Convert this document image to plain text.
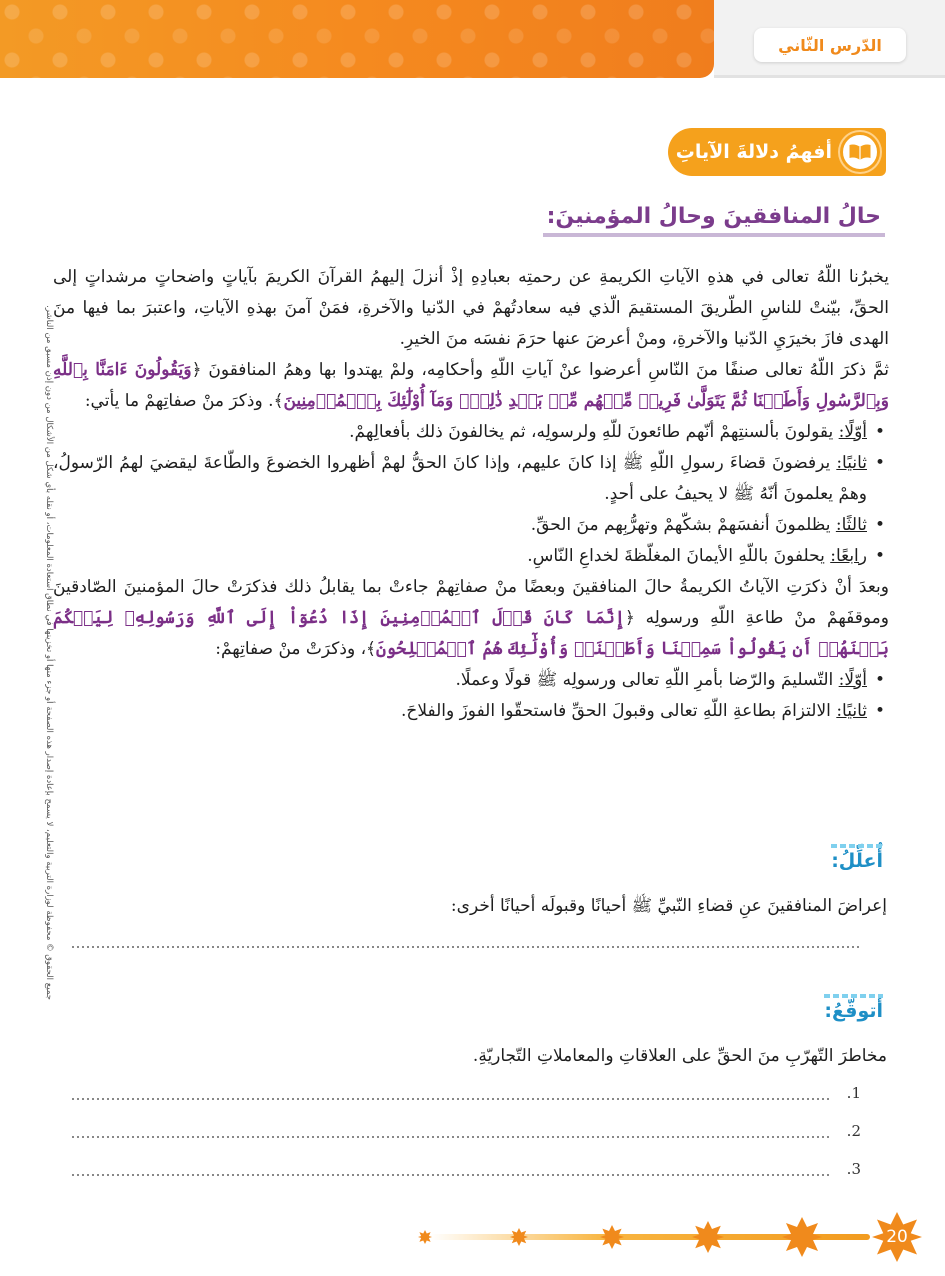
الدّرس الثّاني
أفهمُ دلالةَ الآياتِ
حالُ المنافقينَ وحالُ المؤمنينَ:
جميع الحقوق © محفوظة لوزارة التربية والتعليم، لا يسمح بإعادة إصدار هذه الصفحة أو جزء منها أو تخزينها في نطاق استعادة المعلومات، أو نقله بأي شكل من الأشكال من دون إذن مسبق من الناشر.

يخبرُنا اللّهُ تعالى في هذهِ الآياتِ الكريمةِ عن رحمتِه بعبادِهِ إذْ أنزلَ إليهمُ القرآنَ الكريمَ بآياتٍ واضحاتٍ مرشداتٍ إلى الحقِّ، بيّنتْ للناسِ الطّريقَ المستقيمَ الّذي فيه سعادتُهمْ في الدّنيا والآخرةِ، فمَنْ آمنَ بهذهِ الآياتِ، واعتبرَ بما فيها منَ الهدى فازَ بخيرَيِ الدّنيا والآخرةِ، ومنْ أعرضَ عنها حرَمَ نفسَه منَ الخيرِ.

ثمَّ ذكرَ اللّهُ تعالى صنفًا منَ النّاسِ أعرضوا عنْ آياتِ اللّهِ وأحكامِه، ولمْ يهتدوا بها وهمُ المنافقونَ ﴿وَيَقُولُونَ ءَامَنَّا بِٱللَّهِ وَبِٱلرَّسُولِ وَأَطَعۡنَا ثُمَّ يَتَوَلَّىٰ فَرِيقٞ مِّنۡهُم مِّنۢ بَعۡدِ ذَٰلِكَۚ وَمَآ أُوْلَٰٓئِكَ بِٱلۡمُؤۡمِنِينَ﴾. وذكرَ منْ صفاتِهمْ ما يأتي:

• أوّلًا: يقولونَ بألسنتِهمْ أنّهم طائعونَ للّهِ ولرسولِه، ثم يخالفونَ ذلك بأفعالِهمْ.
• ثانيًا: يرفضونَ قضاءَ رسولِ اللّهِ ﷺ إذا كانَ عليهم، وإذا كانَ الحقُّ لهمْ أظهروا الخضوعَ والطّاعةَ ليقضيَ لهمُ الرّسولُ، وهمْ يعلمونَ أنّهُ ﷺ لا يحيفُ على أحدٍ.
• ثالثًا: يظلمونَ أنفسَهمْ بشكّهمْ وتهرُّبِهم منَ الحقِّ.
• رابعًا: يحلفونَ باللّهِ الأيمانَ المغلّظةَ لخداعِ النّاسِ.

وبعدَ أنْ ذكرَتِ الآياتُ الكريمةُ حالَ المنافقينَ وبعضًا منْ صفاتِهمْ جاءتْ بما يقابلُ ذلك فذكرَتْ حالَ المؤمنينَ الصّادقينَ وموقفَهمْ منْ طاعةِ اللّهِ ورسولِه ﴿إِنَّمَا كَانَ قَوۡلَ ٱلۡمُؤۡمِنِينَ إِذَا دُعُوٓاْ إِلَى ٱللَّهِ وَرَسُولِهِۦ لِيَحۡكُمَ بَيۡنَهُمۡ أَن يَقُولُواْ سَمِعۡنَا وَأَطَعۡنَاۚ وَأُوْلَٰٓئِكَ هُمُ ٱلۡمُفۡلِحُونَ﴾، وذكرَتْ منْ صفاتِهمْ:

• أوّلًا: التّسليمَ والرّضا بأمرِ اللّهِ تعالى ورسولِه ﷺ قولًا وعملًا.
• ثانيًا: الالتزامَ بطاعةِ اللّهِ تعالى وقبولَ الحقِّ فاستحقّوا الفوزَ والفلاحَ.
أُعلِّلُ:
إعراضَ المنافقينَ عنِ قضاءِ النّبيِّ ﷺ أحيانًا وقبولَه أحيانًا أخرى:
أتوقّعُ:
مخاطرَ التّهرّبِ منَ الحقِّ على العلاقاتِ والمعاملاتِ التّجاريّةِ.
1.
2.
3.
20
